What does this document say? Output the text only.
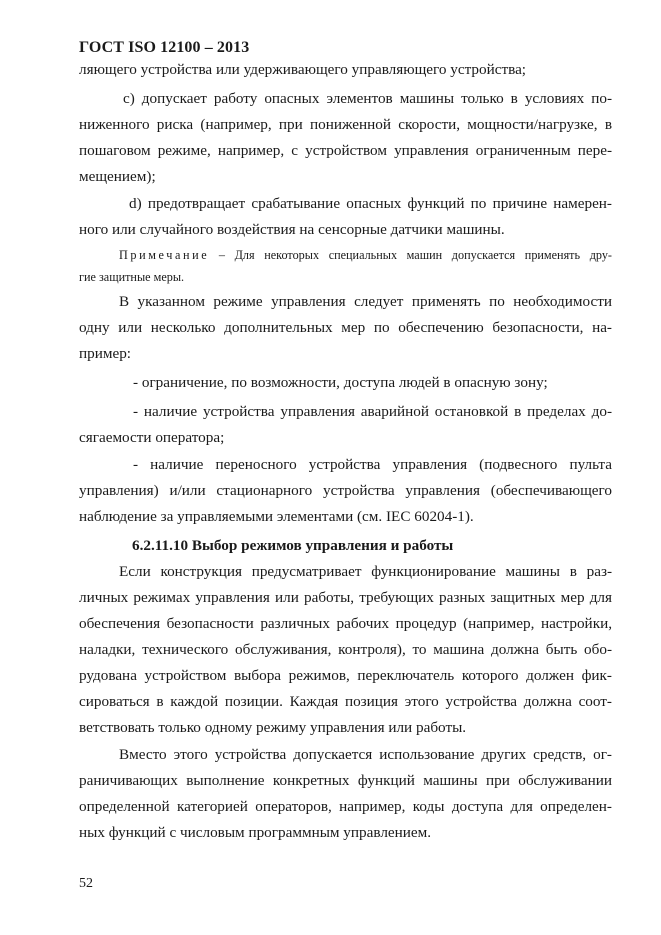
ГОСТ ISO 12100 – 2013
ляющего устройства или удерживающего управляющего устройства;
c) допускает работу опасных элементов машины только в условиях по-
ниженного риска (например, при пониженной скорости, мощности/нагрузке, в
пошаговом режиме, например, с устройством управления ограниченным пере-
мещением);
d) предотвращает срабатывание опасных функций по причине намерен-
ного или случайного воздействия на сенсорные датчики машины.
Примечание – Для некоторых специальных машин допускается применять дру-
гие защитные меры.
В указанном режиме управления следует применять по необходимости
одну или несколько дополнительных мер по обеспечению безопасности, на-
пример:
- ограничение, по возможности, доступа людей в опасную зону;
- наличие устройства управления аварийной остановкой в пределах до-
сягаемости оператора;
- наличие переносного устройства управления (подвесного пульта
управления) и/или стационарного устройства управления (обеспечивающего
наблюдение за управляемыми элементами (см. IEC 60204-1).
6.2.11.10 Выбор режимов управления и работы
Если конструкция предусматривает функционирование машины в раз-
личных режимах управления или работы, требующих разных защитных мер для
обеспечения безопасности различных рабочих процедур (например, настройки,
наладки, технического обслуживания, контроля), то машина должна быть обо-
рудована устройством выбора режимов, переключатель которого должен фик-
сироваться в каждой позиции. Каждая позиция этого устройства должна соот-
ветствовать только одному режиму управления или работы.
Вместо этого устройства допускается использование других средств, ог-
раничивающих выполнение конкретных функций машины при обслуживании
определенной категорией операторов, например, коды доступа для определен-
ных функций с числовым программным управлением.
52
